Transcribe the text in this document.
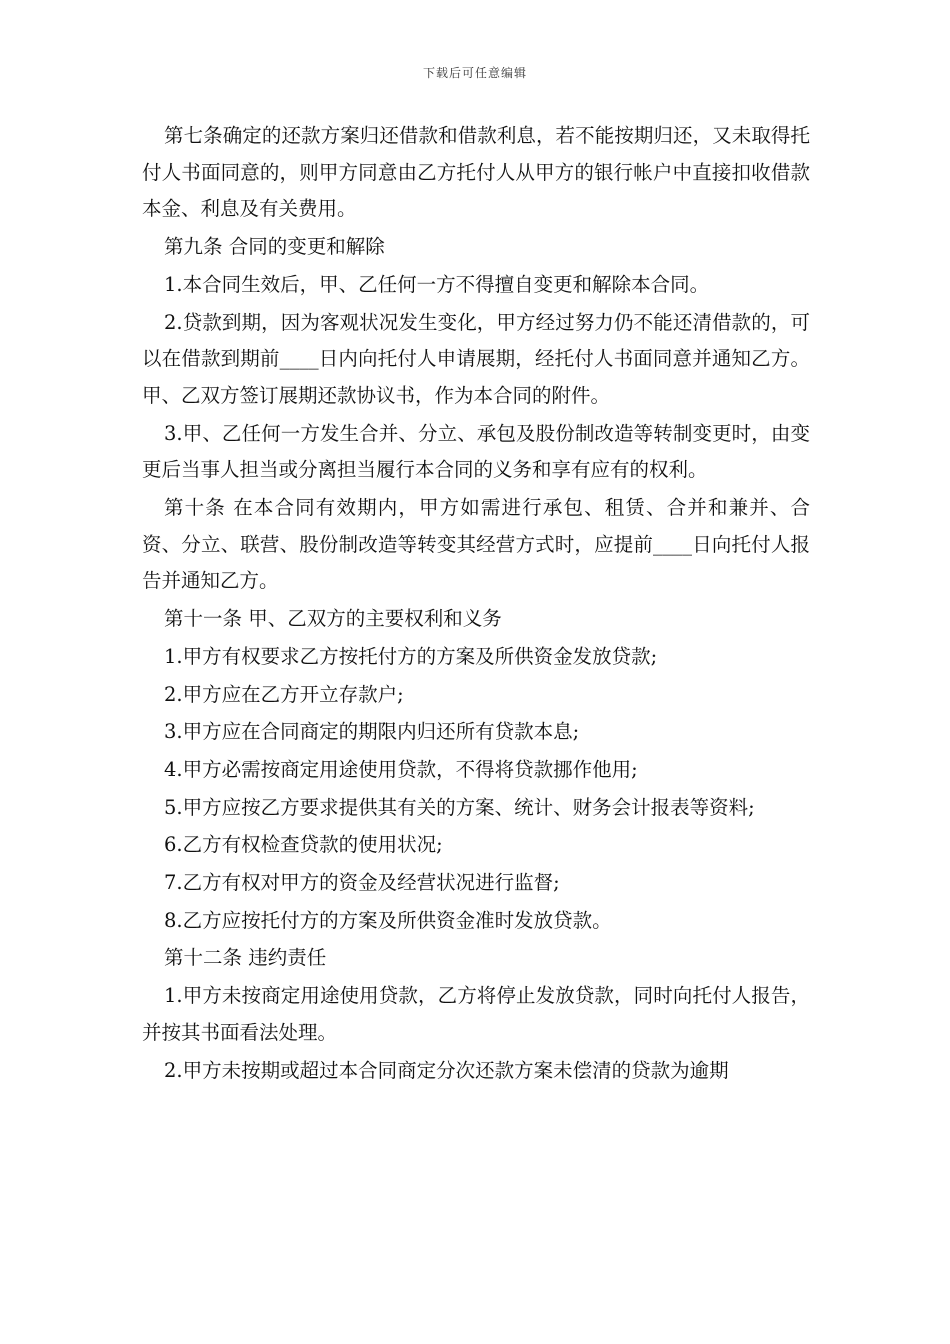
下载后可任意编辑

第七条确定的还款方案归还借款和借款利息，若不能按期归还，又未取得托付人书面同意的，则甲方同意由乙方托付人从甲方的银行帐户中直接扣收借款本金、利息及有关费用。

第九条 合同的变更和解除

1.本合同生效后，甲、乙任何一方不得擅自变更和解除本合同。

2.贷款到期，因为客观状况发生变化，甲方经过努力仍不能还清借款的，可以在借款到期前____日内向托付人申请展期，经托付人书面同意并通知乙方。甲、乙双方签订展期还款协议书，作为本合同的附件。

3.甲、乙任何一方发生合并、分立、承包及股份制改造等转制变更时，由变更后当事人担当或分离担当履行本合同的义务和享有应有的权利。

第十条 在本合同有效期内，甲方如需进行承包、租赁、合并和兼并、合资、分立、联营、股份制改造等转变其经营方式时，应提前____日向托付人报告并通知乙方。

第十一条 甲、乙双方的主要权利和义务

1.甲方有权要求乙方按托付方的方案及所供资金发放贷款;

2.甲方应在乙方开立存款户;

3.甲方应在合同商定的期限内归还所有贷款本息;

4.甲方必需按商定用途使用贷款，不得将贷款挪作他用;

5.甲方应按乙方要求提供其有关的方案、统计、财务会计报表等资料;

6.乙方有权检查贷款的使用状况;

7.乙方有权对甲方的资金及经营状况进行监督;

8.乙方应按托付方的方案及所供资金准时发放贷款。

第十二条 违约责任

1.甲方未按商定用途使用贷款，乙方将停止发放贷款，同时向托付人报告，并按其书面看法处理。

2.甲方未按期或超过本合同商定分次还款方案未偿清的贷款为逾期
